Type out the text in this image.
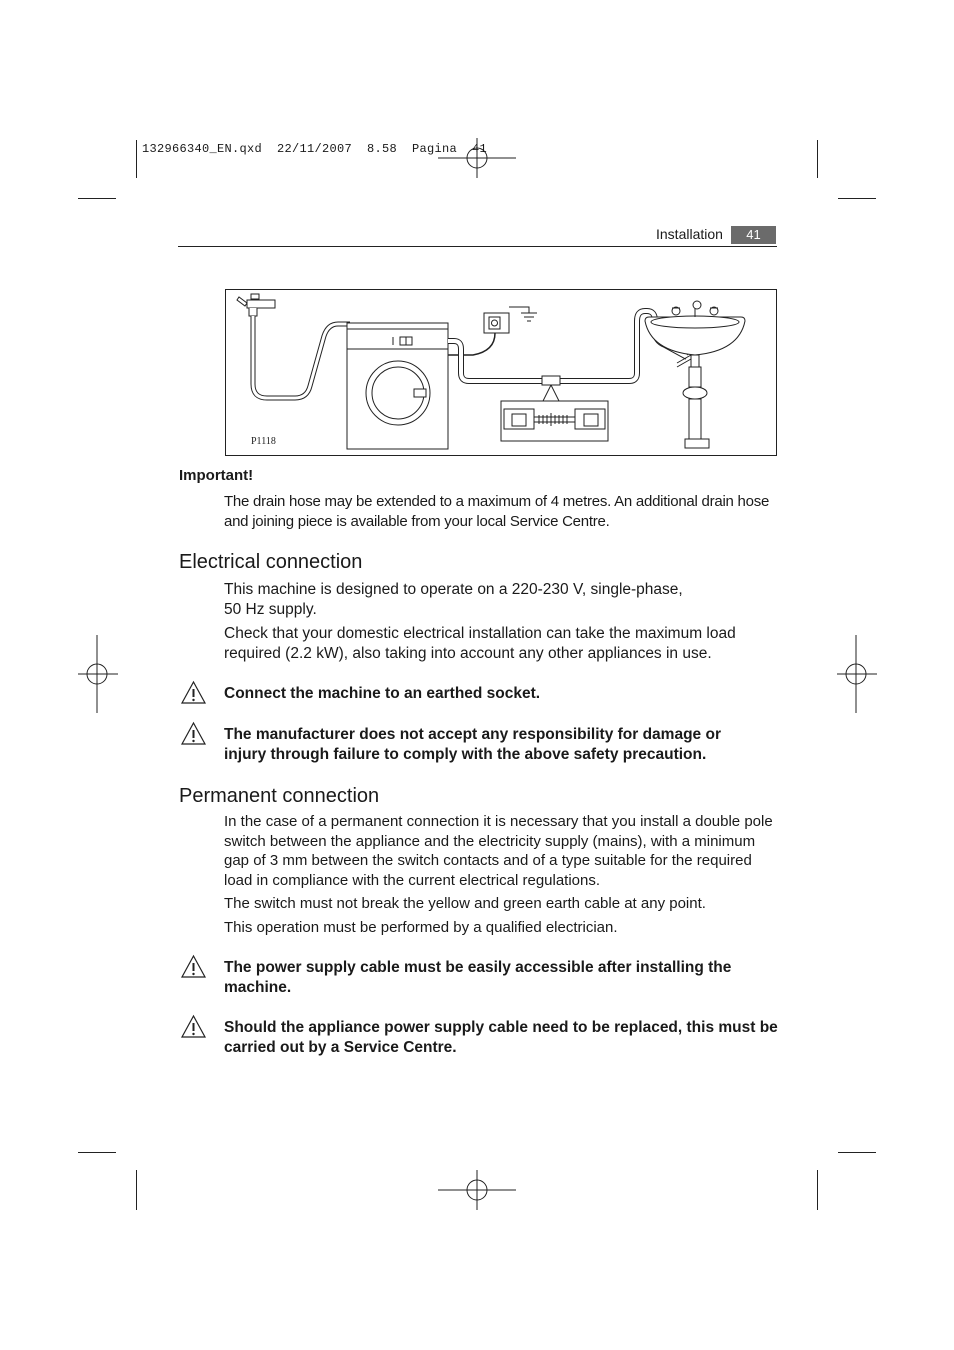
132966340_EN.qxd  22/11/2007  8.58  Pagina  41
Installation	41
P1118
Important!

The drain hose may be extended to a maximum of 4 metres. An additional drain hose and joining piece is available from your local Service Centre.

Electrical connection

This machine is designed to operate on a 220-230 V, single-phase,

50 Hz supply.

Check that your domestic electrical installation can take the maximum load required (2.2 kW), also taking into account any other appliances in use.

Connect the machine to an earthed socket.

The manufacturer does not accept any responsibility for damage or injury through failure to comply with the above safety precaution.

Permanent connection

In the case of a permanent connection it is necessary that you install a double pole switch between the appliance and the electricity supply (mains), with a minimum gap of 3 mm between the switch contacts and of a type suitable for the required load in compliance with the current electrical regulations.

The switch must not break the yellow and green earth cable at any point.

This operation must be performed by a qualified electrician.

The power supply cable must be easily accessible after installing the machine.

Should the appliance power supply cable need to be replaced, this must be carried out by a Service Centre.
